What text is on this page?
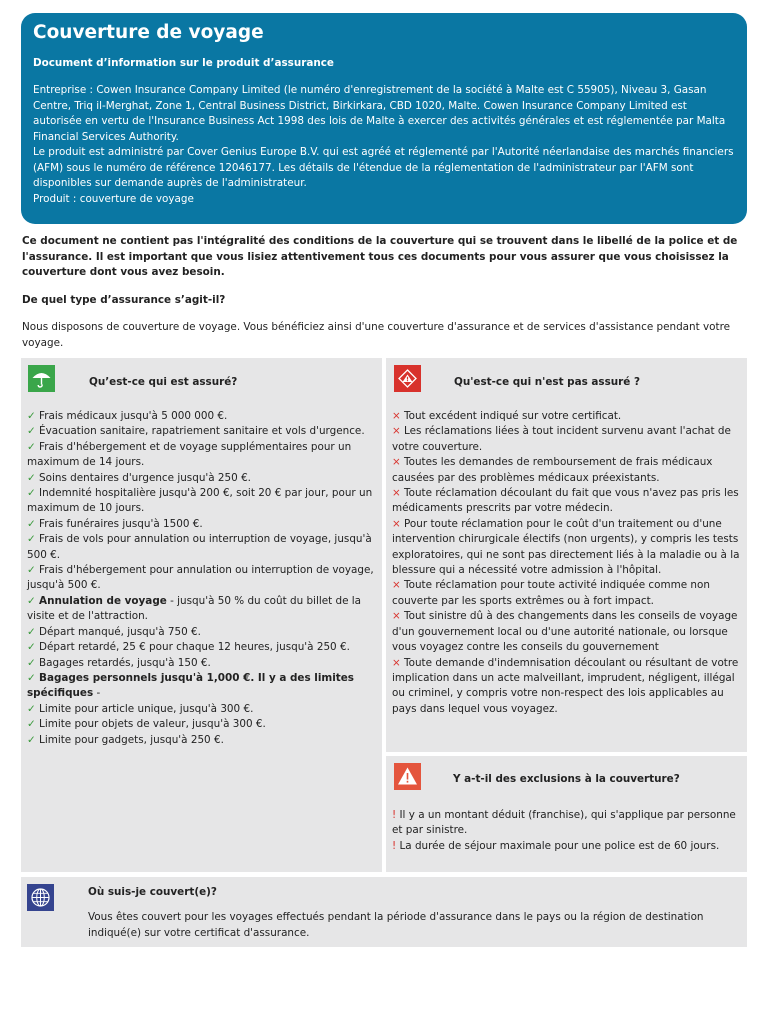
Couverture de voyage
Document d’information sur le produit d’assurance

Entreprise : Cowen Insurance Company Limited (le numéro d'enregistrement de la société à Malte est C 55905), Niveau 3, Gasan Centre, Triq il-Merghat, Zone 1, Central Business District, Birkirkara, CBD 1020, Malte. Cowen Insurance Company Limited est autorisée en vertu de l'Insurance Business Act 1998 des lois de Malte à exercer des activités générales et est réglementée par Malta Financial Services Authority.

Le produit est administré par Cover Genius Europe B.V. qui est agréé et réglementé par l'Autorité néerlandaise des marchés financiers (AFM) sous le numéro de référence 12046177. Les détails de l'étendue de la réglementation de l'administrateur par l'AFM sont disponibles sur demande auprès de l'administrateur.

Produit : couverture de voyage

Ce document ne contient pas l'intégralité des conditions de la couverture qui se trouvent dans le libellé de la police et de l'assurance. Il est important que vous lisiez attentivement tous ces documents pour vous assurer que vous choisissez la couverture dont vous avez besoin.
De quel type d’assurance s’agit-il?
Nous disposons de couverture de voyage. Vous bénéficiez ainsi d'une couverture d'assurance et de services d'assistance pendant votre voyage.
Qu’est-ce qui est assuré?
✓ Frais médicaux jusqu'à 5 000 000 €.
✓ Évacuation sanitaire, rapatriement sanitaire et vols d'urgence.
✓ Frais d'hébergement et de voyage supplémentaires pour un maximum de 14 jours.
✓ Soins dentaires d'urgence jusqu'à 250 €.
✓ Indemnité hospitalière jusqu'à 200 €, soit 20 € par jour, pour un maximum de 10 jours.
✓ Frais funéraires jusqu'à 1500 €.
✓ Frais de vols pour annulation ou interruption de voyage, jusqu'à 500 €.
✓ Frais d'hébergement pour annulation ou interruption de voyage, jusqu'à 500 €.
✓ Annulation de voyage - jusqu'à 50 % du coût du billet de la visite et de l'attraction.
✓ Départ manqué, jusqu'à 750 €.
✓ Départ retardé, 25 € pour chaque 12 heures, jusqu'à 250 €.
✓ Bagages retardés, jusqu'à 150 €.
✓ Bagages personnels jusqu'à 1,000 €. Il y a des limites spécifiques -
✓ Limite pour article unique, jusqu'à 300 €.
✓ Limite pour objets de valeur, jusqu'à 300 €.
✓ Limite pour gadgets, jusqu'à 250 €.
Qu'est-ce qui n'est pas assuré ?
× Tout excédent indiqué sur votre certificat.
× Les réclamations liées à tout incident survenu avant l'achat de votre couverture.
× Toutes les demandes de remboursement de frais médicaux causées par des problèmes médicaux préexistants.
× Toute réclamation découlant du fait que vous n'avez pas pris les médicaments prescrits par votre médecin.
× Pour toute réclamation pour le coût d'un traitement ou d'une intervention chirurgicale électifs (non urgents), y compris les tests exploratoires, qui ne sont pas directement liés à la maladie ou à la blessure qui a nécessité votre admission à l'hôpital.
× Toute réclamation pour toute activité indiquée comme non couverte par les sports extrêmes ou à fort impact.
× Tout sinistre dû à des changements dans les conseils de voyage d'un gouvernement local ou d'une autorité nationale, ou lorsque vous voyagez contre les conseils du gouvernement
× Toute demande d'indemnisation découlant ou résultant de votre implication dans un acte malveillant, imprudent, négligent, illégal ou criminel, y compris votre non-respect des lois applicables au pays dans lequel vous voyagez.
Y a-t-il des exclusions à la couverture?
! Il y a un montant déduit (franchise), qui s'applique par personne et par sinistre.
! La durée de séjour maximale pour une police est de 60 jours.
Où suis-je couvert(e)?
Vous êtes couvert pour les voyages effectués pendant la période d'assurance dans le pays ou la région de destination indiqué(e) sur votre certificat d'assurance.
